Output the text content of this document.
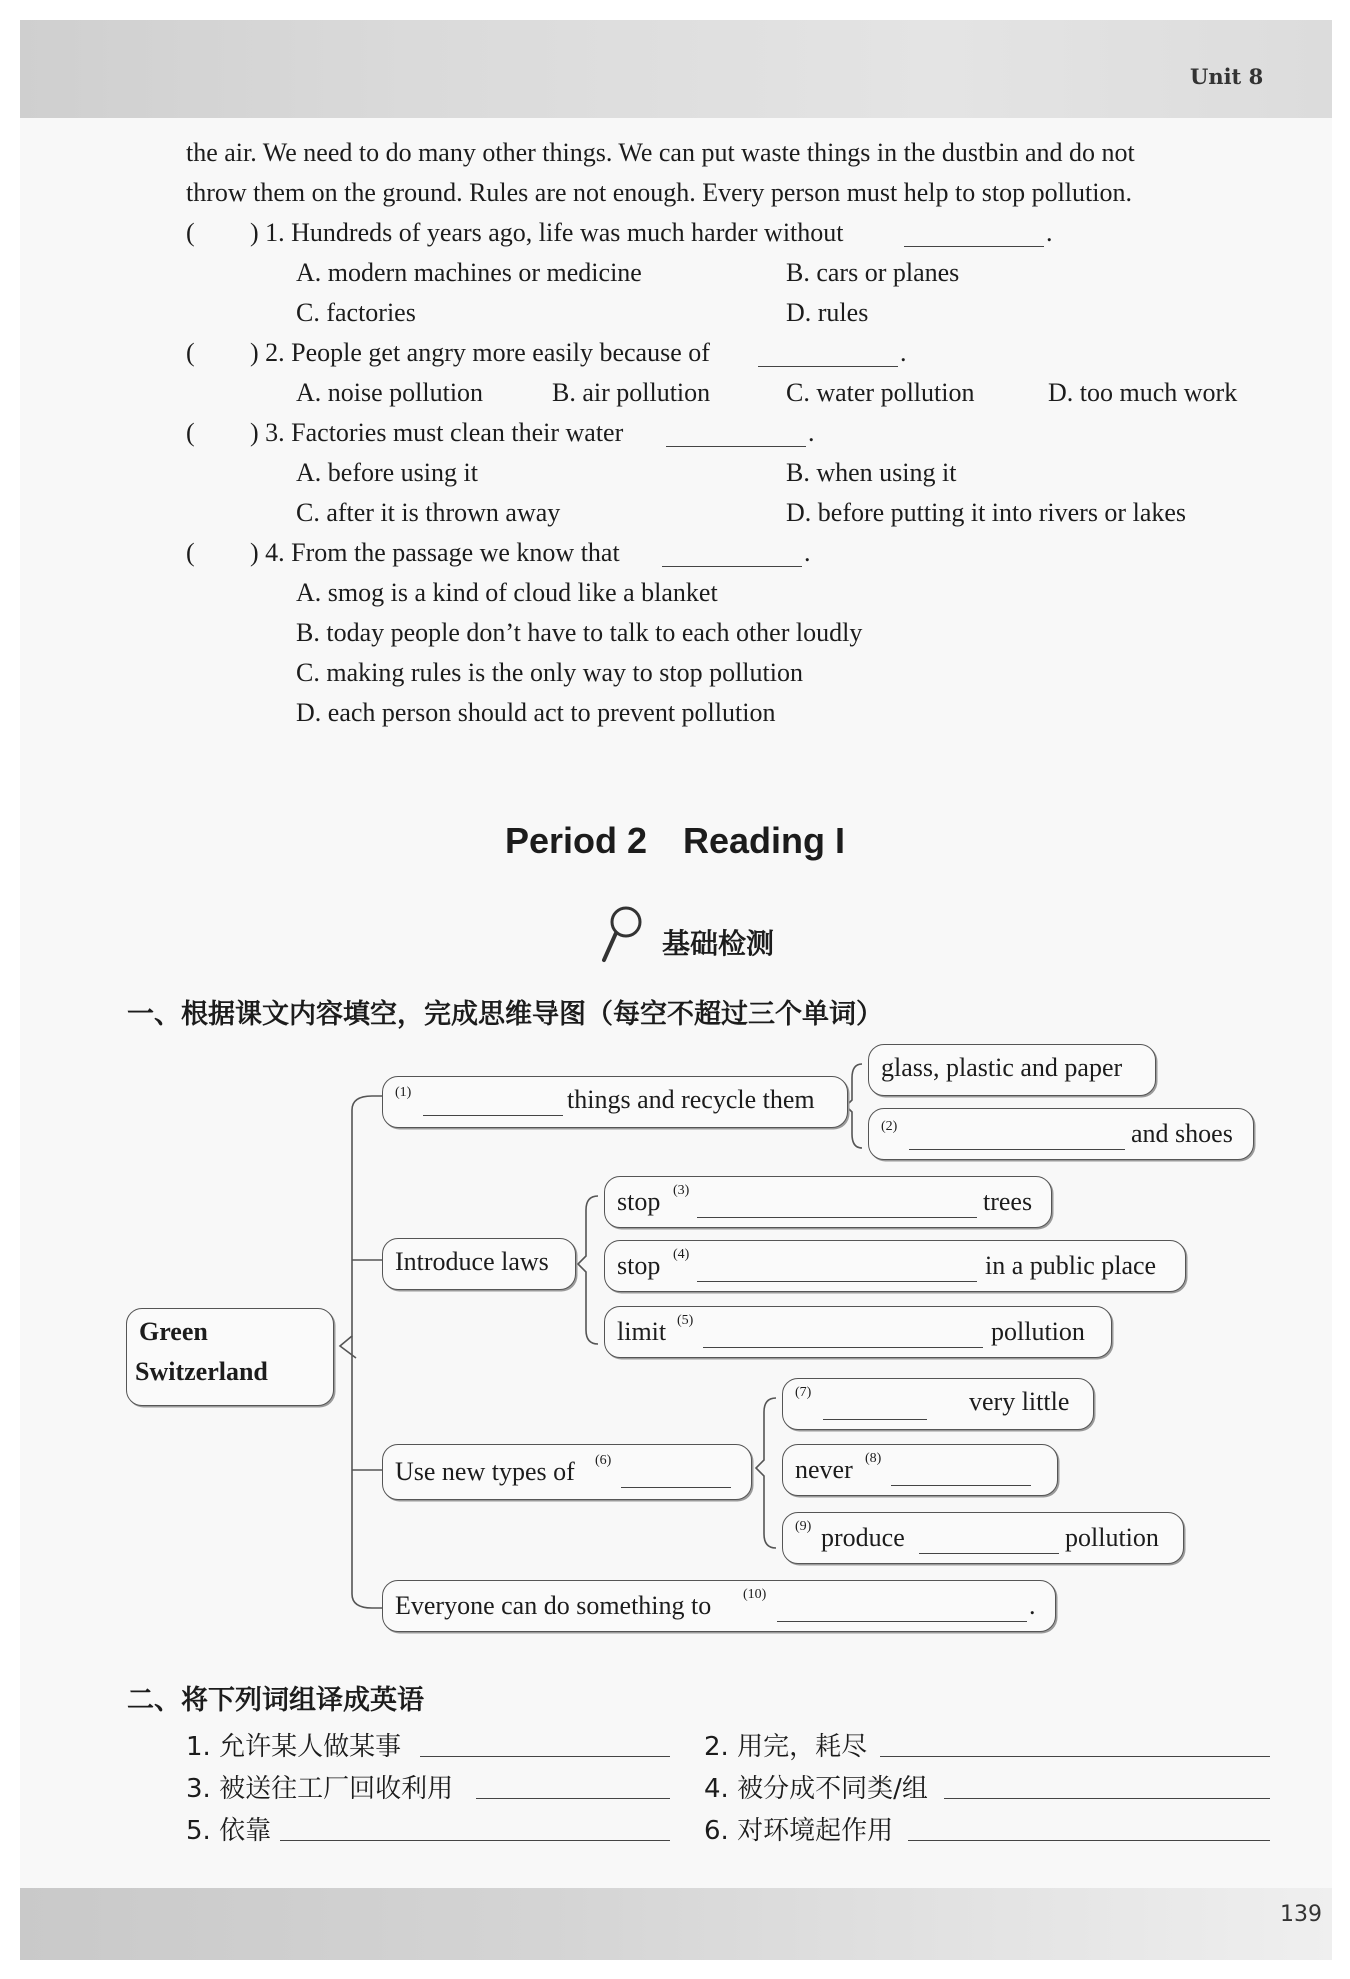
Unit 8
the air. We need to do many other things. We can put waste things in the dustbin and do not
throw them on the ground. Rules are not enough. Every person must help to stop pollution.
( ) 1. Hundreds of years ago, life was much harder without	.
A. modern machines or medicine	B. cars or planes
C. factories	D. rules
( ) 2. People get angry more easily because of	.
A. noise pollution	B. air pollution	C. water pollution	D. too much work
( ) 3. Factories must clean their water	.
A. before using it	B. when using it
C. after it is thrown away	D. before putting it into rivers or lakes
( ) 4. From the passage we know that	.
A. smog is a kind of cloud like a blanket
B. today people don’t have to talk to each other loudly
C. making rules is the only way to stop pollution
D. each person should act to prevent pollution
Period 2 Reading I
基础检测
一、根据课文内容填空，完成思维导图（每空不超过三个单词）
Green
Switzerland
(1)	things and recycle them
glass, plastic and paper
(2)	and shoes
Introduce laws
stop (3)	trees
stop (4)	in a public place
limit (5)	pollution
Use new types of (6)
(7)	very little
never (8)
(9) produce	pollution
Everyone can do something to (10)	.
二、将下列词组译成英语
1. 允许某人做某事	2. 用完，耗尽
3. 被送往工厂回收利用	4. 被分成不同类/组
5. 依靠	6. 对环境起作用
139
